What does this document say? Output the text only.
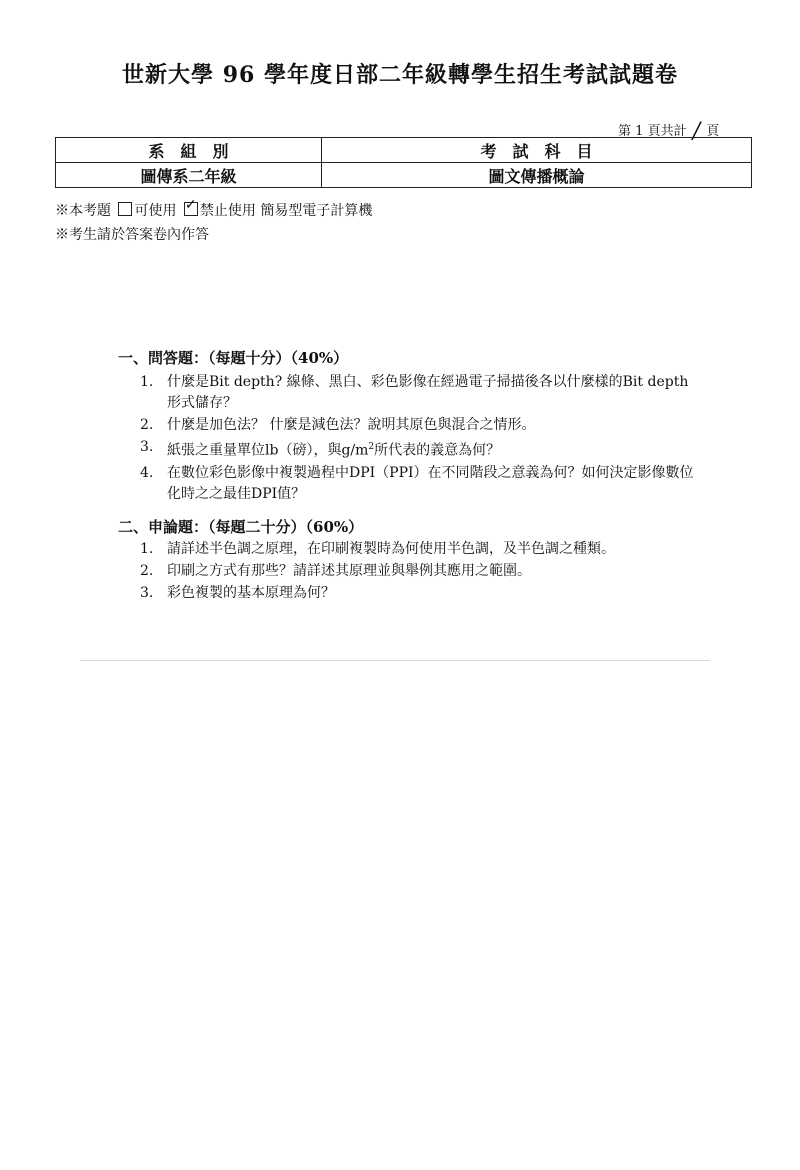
世新大學 96 學年度日部二年級轉學生招生考試試題卷
第 1 頁共計 / 頁
系　組　別	考　試　科　目
圖傳系二年級	圖文傳播概論
※本考題 可使用 ✓ 禁止使用 簡易型電子計算機
※考生請於答案卷內作答
一、問答題：（每題十分）（40%）
1. 什麼是Bit depth? 線條、黑白、彩色影像在經過電子掃描後各以什麼樣的Bit depth形式儲存？
2. 什麼是加色法？ 什麼是減色法？說明其原色與混合之情形。
3. 紙張之重量單位lb（磅），與$g/m^2$所代表的義意為何？
4. 在數位彩色影像中複製過程中DPI（PPI）在不同階段之意義為何？如何決定影像數位化時之之最佳DPI值？
二、申論題：（每題二十分）（60%）
1. 請詳述半色調之原理，在印刷複製時為何使用半色調，及半色調之種類。
2. 印刷之方式有那些？請詳述其原理並與舉例其應用之範圍。
3. 彩色複製的基本原理為何？
